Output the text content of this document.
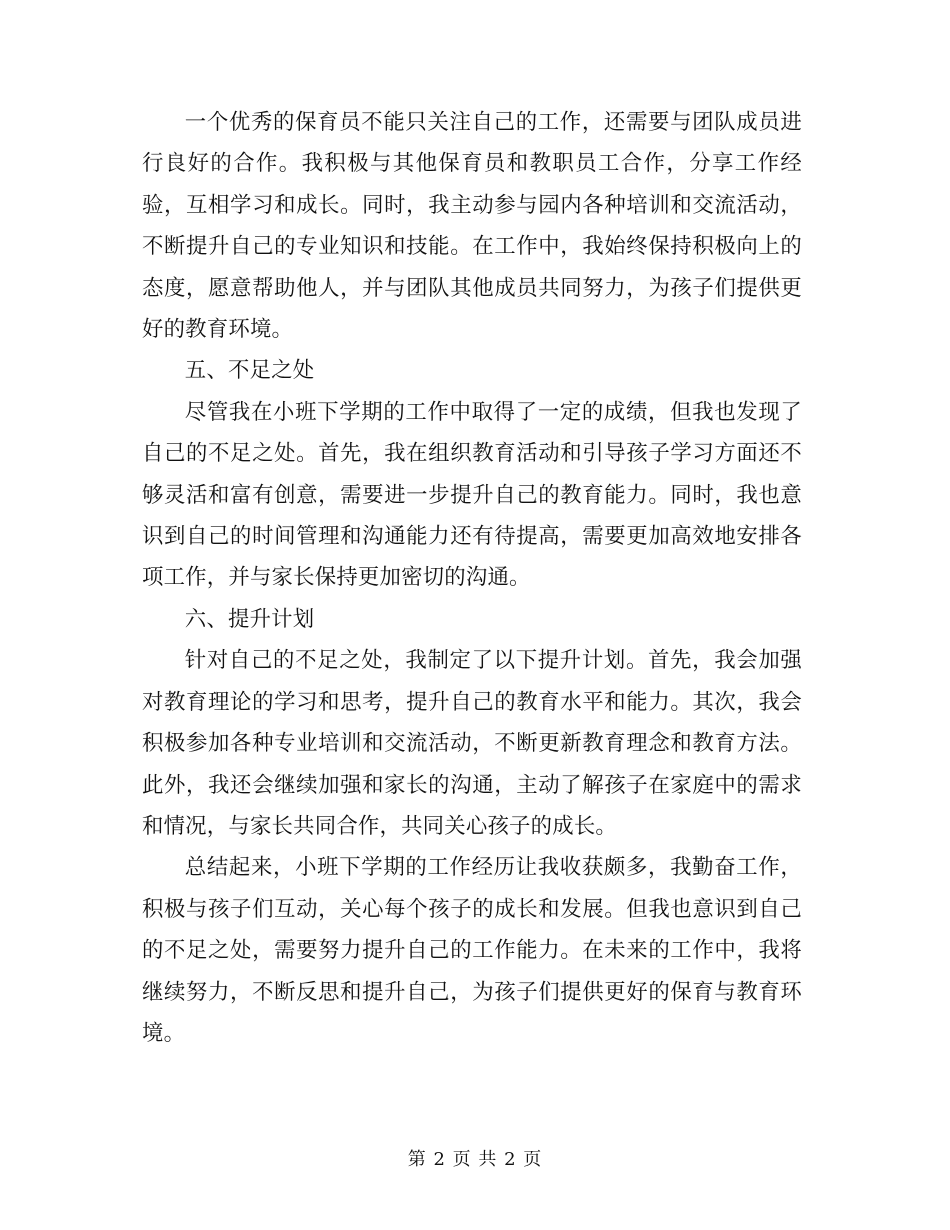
一个优秀的保育员不能只关注自己的工作，还需要与团队成员进行良好的合作。我积极与其他保育员和教职员工合作，分享工作经验，互相学习和成长。同时，我主动参与园内各种培训和交流活动，不断提升自己的专业知识和技能。在工作中，我始终保持积极向上的态度，愿意帮助他人，并与团队其他成员共同努力，为孩子们提供更好的教育环境。

五、不足之处

尽管我在小班下学期的工作中取得了一定的成绩，但我也发现了自己的不足之处。首先，我在组织教育活动和引导孩子学习方面还不够灵活和富有创意，需要进一步提升自己的教育能力。同时，我也意识到自己的时间管理和沟通能力还有待提高，需要更加高效地安排各项工作，并与家长保持更加密切的沟通。

六、提升计划

针对自己的不足之处，我制定了以下提升计划。首先，我会加强对教育理论的学习和思考，提升自己的教育水平和能力。其次，我会积极参加各种专业培训和交流活动，不断更新教育理念和教育方法。此外，我还会继续加强和家长的沟通，主动了解孩子在家庭中的需求和情况，与家长共同合作，共同关心孩子的成长。

总结起来，小班下学期的工作经历让我收获颇多，我勤奋工作，积极与孩子们互动，关心每个孩子的成长和发展。但我也意识到自己的不足之处，需要努力提升自己的工作能力。在未来的工作中，我将继续努力，不断反思和提升自己，为孩子们提供更好的保育与教育环境。

第 2 页 共 2 页
